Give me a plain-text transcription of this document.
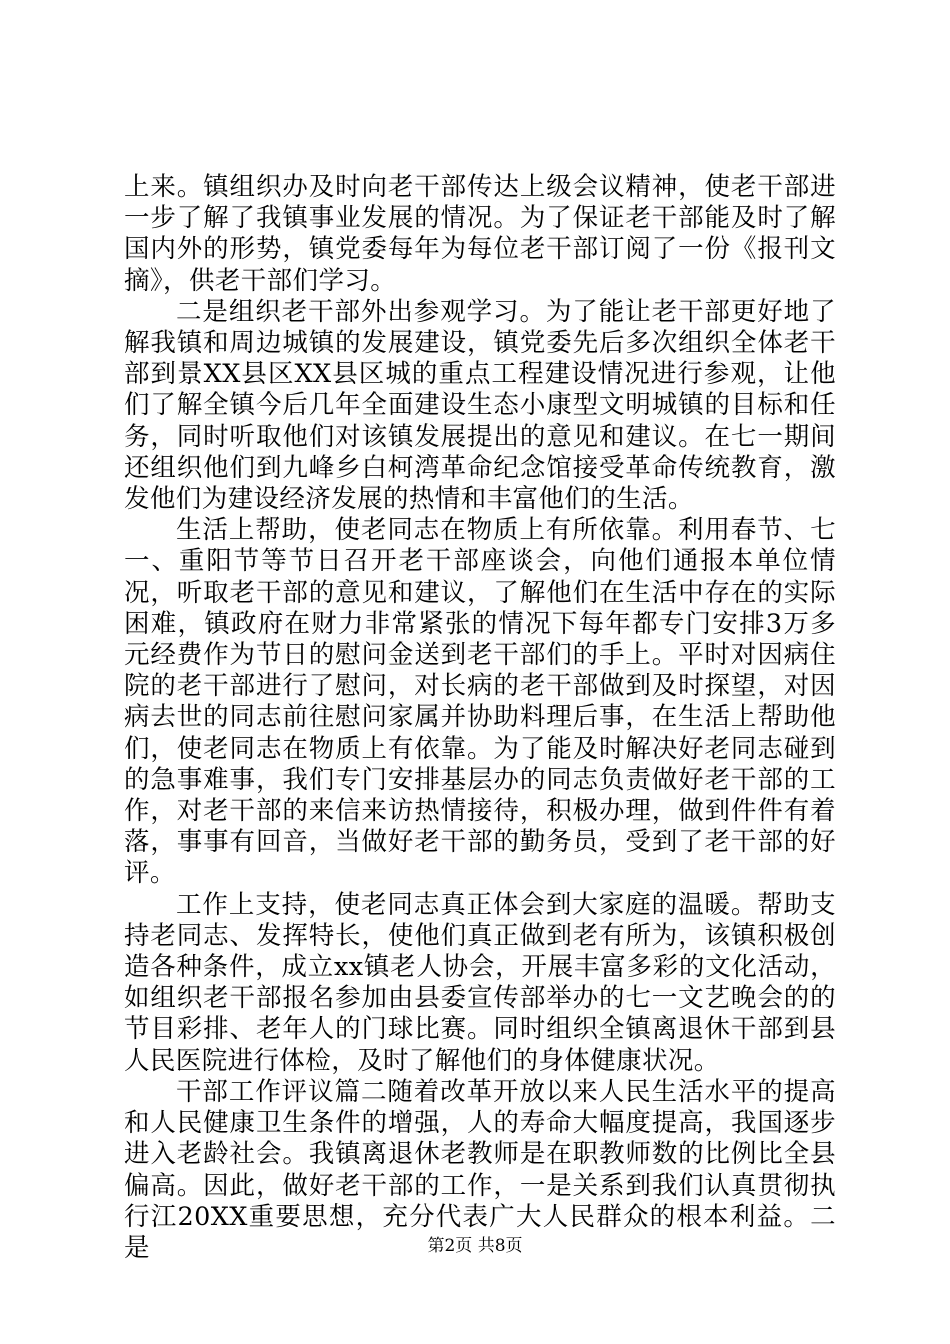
上来。镇组织办及时向老干部传达上级会议精神，使老干部进一步了解了我镇事业发展的情况。为了保证老干部能及时了解国内外的形势，镇党委每年为每位老干部订阅了一份《报刊文摘》，供老干部们学习。

二是组织老干部外出参观学习。为了能让老干部更好地了解我镇和周边城镇的发展建设，镇党委先后多次组织全体老干部到景XX县区XX县区城的重点工程建设情况进行参观，让他们了解全镇今后几年全面建设生态小康型文明城镇的目标和任务，同时听取他们对该镇发展提出的意见和建议。在七一期间还组织他们到九峰乡白柯湾革命纪念馆接受革命传统教育，激发他们为建设经济发展的热情和丰富他们的生活。

生活上帮助，使老同志在物质上有所依靠。利用春节、七一、重阳节等节日召开老干部座谈会，向他们通报本单位情况，听取老干部的意见和建议，了解他们在生活中存在的实际困难，镇政府在财力非常紧张的情况下每年都专门安排3万多元经费作为节日的慰问金送到老干部们的手上。平时对因病住院的老干部进行了慰问，对长病的老干部做到及时探望，对因病去世的同志前往慰问家属并协助料理后事，在生活上帮助他们，使老同志在物质上有依靠。为了能及时解决好老同志碰到的急事难事，我们专门安排基层办的同志负责做好老干部的工作，对老干部的来信来访热情接待，积极办理，做到件件有着落，事事有回音，当做好老干部的勤务员，受到了老干部的好评。

工作上支持，使老同志真正体会到大家庭的温暖。帮助支持老同志、发挥特长，使他们真正做到老有所为，该镇积极创造各种条件，成立xx镇老人协会，开展丰富多彩的文化活动，如组织老干部报名参加由县委宣传部举办的七一文艺晚会的的节目彩排、老年人的门球比赛。同时组织全镇离退休干部到县人民医院进行体检，及时了解他们的身体健康状况。

干部工作评议篇二随着改革开放以来人民生活水平的提高和人民健康卫生条件的增强，人的寿命大幅度提高，我国逐步进入老龄社会。我镇离退休老教师是在职教师数的比例比全县偏高。因此，做好老干部的工作，一是关系到我们认真贯彻执行江20XX重要思想，充分代表广大人民群众的根本利益。二是	第2页 共8页
